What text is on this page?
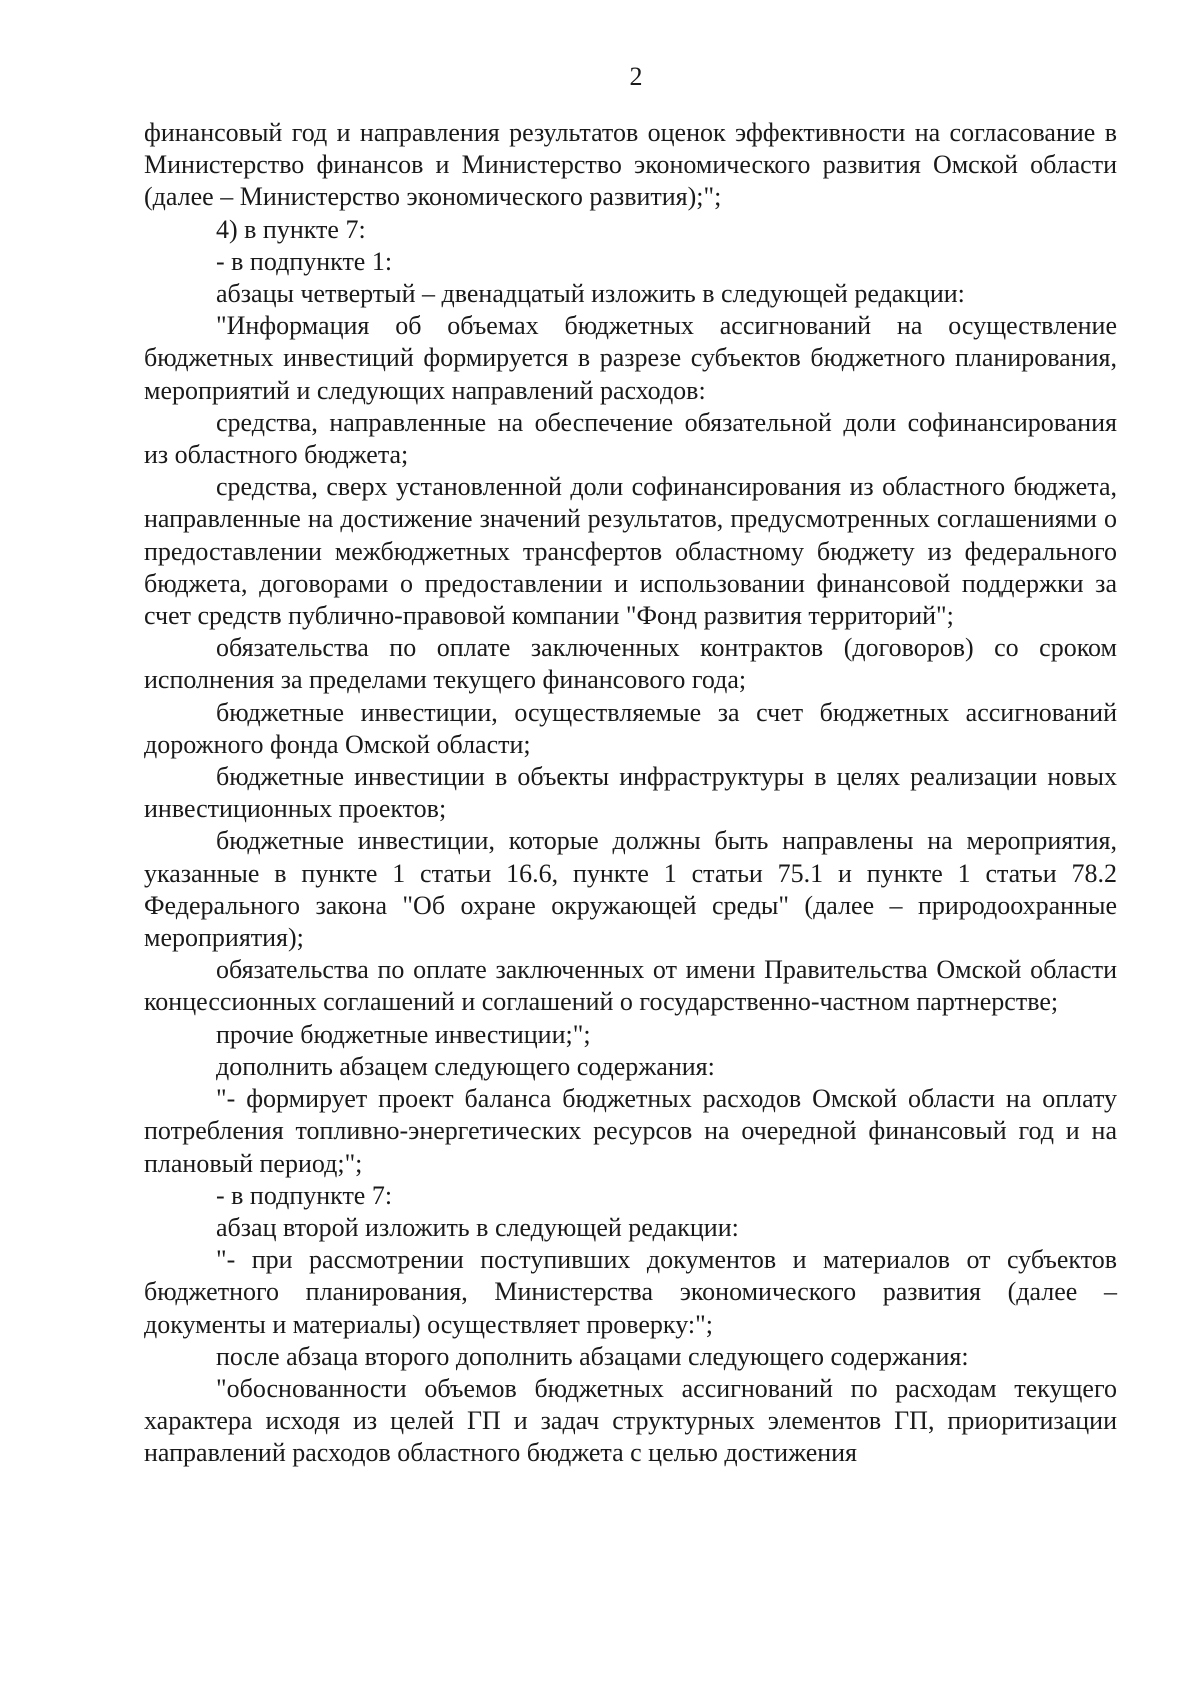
2

финансовый год и направления результатов оценок эффективности на согласование в Министерство финансов и Министерство экономического развития Омской области (далее – Министерство экономического развития);";

4) в пункте 7:

- в подпункте 1:

абзацы четвертый – двенадцатый изложить в следующей редакции:

"Информация об объемах бюджетных ассигнований на осуществление бюджетных инвестиций формируется в разрезе субъектов бюджетного планирования, мероприятий и следующих направлений расходов:

средства, направленные на обеспечение обязательной доли софинансирования из областного бюджета;

средства, сверх установленной доли софинансирования из областного бюджета, направленные на достижение значений результатов, предусмотренных соглашениями о предоставлении межбюджетных трансфертов областному бюджету из федерального бюджета, договорами о предоставлении и использовании финансовой поддержки за счет средств публично-правовой компании "Фонд развития территорий";

обязательства по оплате заключенных контрактов (договоров) со сроком исполнения за пределами текущего финансового года;

бюджетные инвестиции, осуществляемые за счет бюджетных ассигнований дорожного фонда Омской области;

бюджетные инвестиции в объекты инфраструктуры в целях реализации новых инвестиционных проектов;

бюджетные инвестиции, которые должны быть направлены на мероприятия, указанные в пункте 1 статьи 16.6, пункте 1 статьи 75.1 и пункте 1 статьи 78.2 Федерального закона "Об охране окружающей среды" (далее – природоохранные мероприятия);

обязательства по оплате заключенных от имени Правительства Омской области концессионных соглашений и соглашений о государственно-частном партнерстве;

прочие бюджетные инвестиции;";

дополнить абзацем следующего содержания:

"- формирует проект баланса бюджетных расходов Омской области на оплату потребления топливно-энергетических ресурсов на очередной финансовый год и на плановый период;";

- в подпункте 7:

абзац второй изложить в следующей редакции:

"- при рассмотрении поступивших документов и материалов от субъектов бюджетного планирования, Министерства экономического развития (далее – документы и материалы) осуществляет проверку:";

после абзаца второго дополнить абзацами следующего содержания:

"обоснованности объемов бюджетных ассигнований по расходам текущего характера исходя из целей ГП и задач структурных элементов ГП, приоритизации направлений расходов областного бюджета с целью достижения
